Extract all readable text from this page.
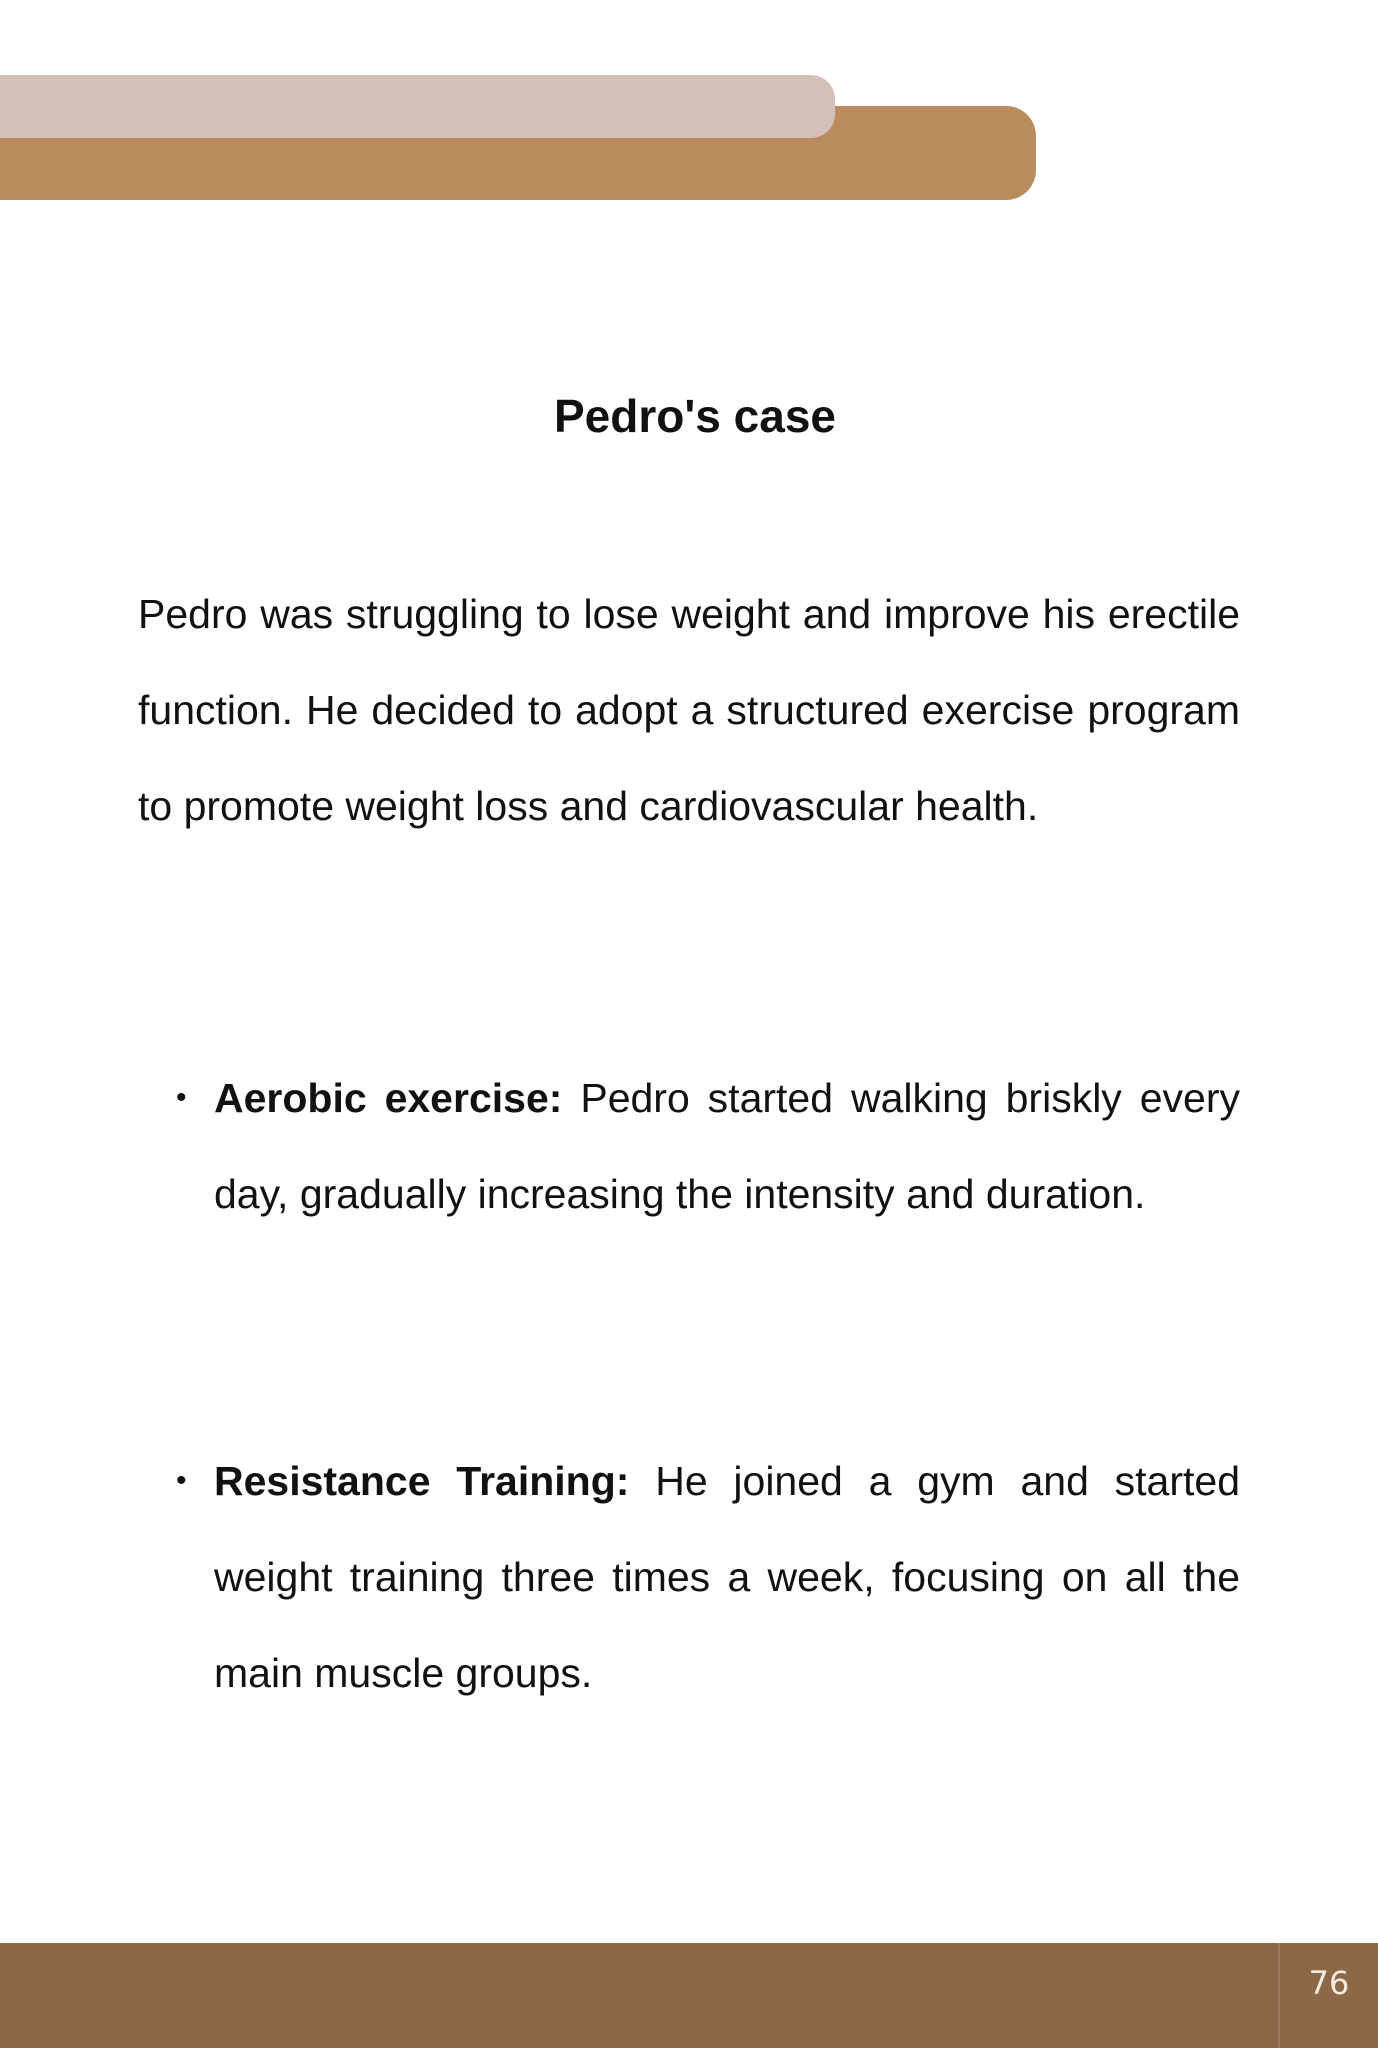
Pedro's case

Pedro was struggling to lose weight and improve his erectile function. He decided to adopt a structured exercise program to promote weight loss and cardiovascular health.

• Aerobic exercise: Pedro started walking briskly every day, gradually increasing the intensity and duration.
• Resistance Training: He joined a gym and started weight training three times a week, focusing on all the main muscle groups.
76
